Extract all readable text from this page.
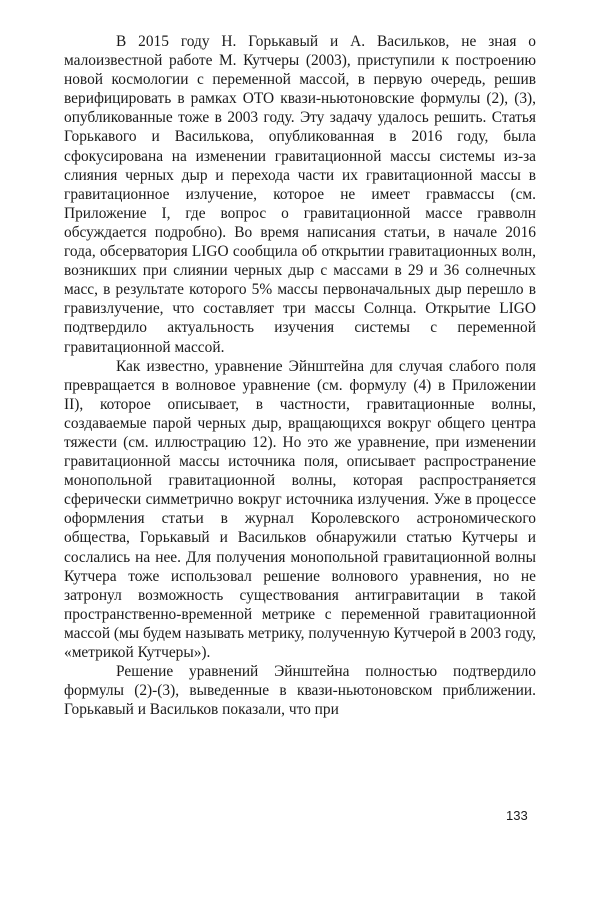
В 2015 году Н. Горькавый и А. Васильков, не зная о малоизвестной работе М. Кутчеры (2003), приступили к построению новой космологии с переменной массой, в первую очередь, решив верифицировать в рамках ОТО квази-ньютоновские формулы (2), (3), опубликованные тоже в 2003 году. Эту задачу удалось решить. Статья Горькавого и Василькова, опубликованная в 2016 году, была сфокусирована на изменении гравитационной массы системы из-за слияния черных дыр и перехода части их гравитационной массы в гравитационное излучение, которое не имеет гравмассы (см. Приложение I, где вопрос о гравитационной массе гравволн обсуждается подробно). Во время написания статьи, в начале 2016 года, обсерватория LIGO сообщила об открытии гравитационных волн, возникших при слиянии черных дыр с массами в 29 и 36 солнечных масс, в результате которого 5% массы первоначальных дыр перешло в гравизлучение, что составляет три массы Солнца. Открытие LIGO подтвердило актуальность изучения системы с переменной гравитационной массой.

Как известно, уравнение Эйнштейна для случая слабого поля превращается в волновое уравнение (см. формулу (4) в Приложении II), которое описывает, в частности, гравитационные волны, создаваемые парой черных дыр, вращающихся вокруг общего центра тяжести (см. иллюстрацию 12). Но это же уравнение, при изменении гравитационной массы источника поля, описывает распространение монопольной гравитационной волны, которая распространяется сферически симметрично вокруг источника излучения. Уже в процессе оформления статьи в журнал Королевского астрономического общества, Горькавый и Васильков обнаружили статью Кутчеры и сослались на нее. Для получения монопольной гравитационной волны Кутчера тоже использовал решение волнового уравнения, но не затронул возможность существования антигравитации в такой пространственно-временной метрике с переменной гравитационной массой (мы будем называть метрику, полученную Кутчерой в 2003 году, «метрикой Кутчеры»).

Решение уравнений Эйнштейна полностью подтвердило формулы (2)-(3), выведенные в квази-ньютоновском приближении. Горькавый и Васильков показали, что при

133
